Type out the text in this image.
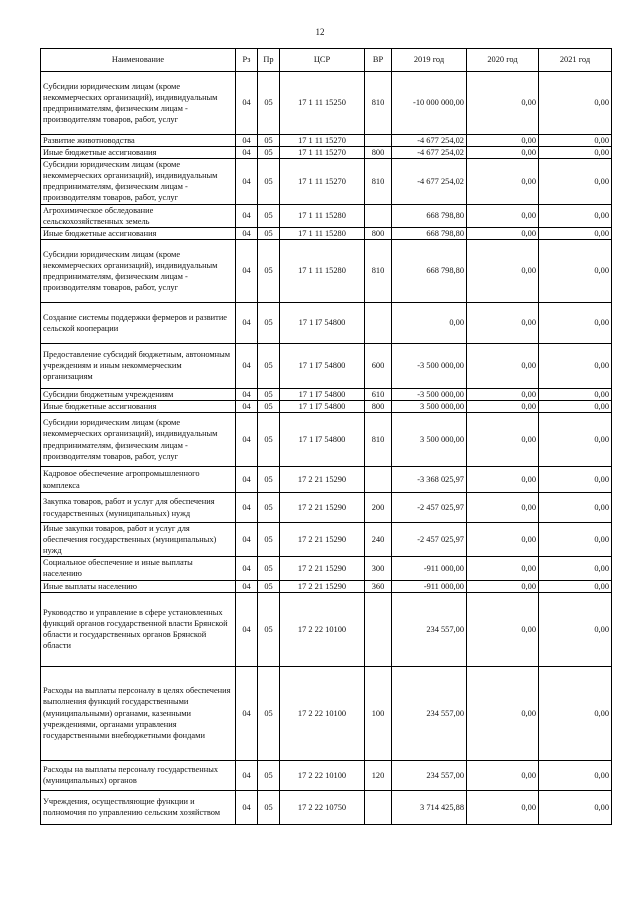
12
Наименование	Рз	Пр	ЦСР	ВР	2019 год	2020 год	2021 год
Субсидии юридическим лицам (кроме некоммерческих организаций), индивидуальным предпринимателям, физическим лицам - производителям товаров, работ, услуг	04	05	17 1 11 15250	810	-10 000 000,00	0,00	0,00
Развитие животноводства	04	05	17 1 11 15270		-4 677 254,02	0,00	0,00
Иные бюджетные ассигнования	04	05	17 1 11 15270	800	-4 677 254,02	0,00	0,00
Субсидии юридическим лицам (кроме некоммерческих организаций), индивидуальным предпринимателям, физическим лицам - производителям товаров, работ, услуг	04	05	17 1 11 15270	810	-4 677 254,02	0,00	0,00
Агрохимическое обследование сельскохозяйственных земель	04	05	17 1 11 15280		668 798,80	0,00	0,00
Иные бюджетные ассигнования	04	05	17 1 11 15280	800	668 798,80	0,00	0,00
Субсидии юридическим лицам (кроме некоммерческих организаций), индивидуальным предпринимателям, физическим лицам - производителям товаров, работ, услуг	04	05	17 1 11 15280	810	668 798,80	0,00	0,00
Создание системы поддержки фермеров и развитие сельской кооперации	04	05	17 1 I7 54800		0,00	0,00	0,00
Предоставление субсидий бюджетным, автономным учреждениям и иным некоммерческим организациям	04	05	17 1 I7 54800	600	-3 500 000,00	0,00	0,00
Субсидии бюджетным учреждениям	04	05	17 1 I7 54800	610	-3 500 000,00	0,00	0,00
Иные бюджетные ассигнования	04	05	17 1 I7 54800	800	3 500 000,00	0,00	0,00
Субсидии юридическим лицам (кроме некоммерческих организаций), индивидуальным предпринимателям, физическим лицам - производителям товаров, работ, услуг	04	05	17 1 I7 54800	810	3 500 000,00	0,00	0,00
Кадровое обеспечение агропромышленного комплекса	04	05	17 2 21 15290		-3 368 025,97	0,00	0,00
Закупка товаров, работ и услуг для обеспечения государственных (муниципальных) нужд	04	05	17 2 21 15290	200	-2 457 025,97	0,00	0,00
Иные закупки товаров, работ и услуг для обеспечения государственных (муниципальных) нужд	04	05	17 2 21 15290	240	-2 457 025,97	0,00	0,00
Социальное обеспечение и иные выплаты населению	04	05	17 2 21 15290	300	-911 000,00	0,00	0,00
Иные выплаты населению	04	05	17 2 21 15290	360	-911 000,00	0,00	0,00
Руководство и управление в сфере установленных функций органов государственной власти Брянской области и государственных органов Брянской области	04	05	17 2 22 10100		234 557,00	0,00	0,00
Расходы на выплаты персоналу в целях обеспечения выполнения функций государственными (муниципальными) органами, казенными учреждениями, органами управления государственными внебюджетными фондами	04	05	17 2 22 10100	100	234 557,00	0,00	0,00
Расходы на выплаты персоналу государственных (муниципальных) органов	04	05	17 2 22 10100	120	234 557,00	0,00	0,00
Учреждения, осуществляющие функции и полномочия по управлению сельским хозяйством	04	05	17 2 22 10750		3 714 425,88	0,00	0,00
